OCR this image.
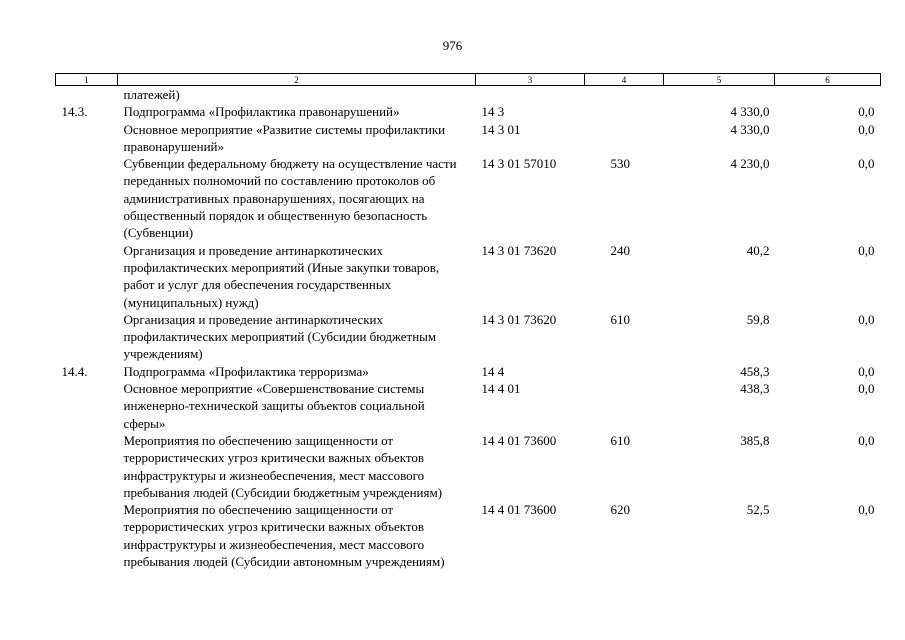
976
1	2	3	4	5	6
	платежей)				
14.3.	Подпрограмма «Профилактика правонарушений»	14 3		4 330,0	0,0
	Основное мероприятие «Развитие системы профилактики правонарушений»	14 3 01		4 330,0	0,0
	Субвенции федеральному бюджету на осуществление части переданных полномочий по составлению протоколов об административных правонарушениях, посягающих на общественный порядок и общественную безопасность (Субвенции)	14 3 01 57010	530	4 230,0	0,0
	Организация и проведение антинаркотических профилактических мероприятий (Иные закупки товаров, работ и услуг для обеспечения государственных (муниципальных) нужд)	14 3 01 73620	240	40,2	0,0
	Организация и проведение антинаркотических профилактических мероприятий (Субсидии бюджетным учреждениям)	14 3 01 73620	610	59,8	0,0
14.4.	Подпрограмма «Профилактика терроризма»	14 4		458,3	0,0
	Основное мероприятие «Совершенствование системы инженерно-технической защиты объектов социальной сферы»	14 4 01		438,3	0,0
	Мероприятия по обеспечению защищенности от террористических угроз критически важных объектов инфраструктуры и жизнеобеспечения, мест массового пребывания людей (Субсидии бюджетным учреждениям)	14 4 01 73600	610	385,8	0,0
	Мероприятия по обеспечению защищенности от террористических угроз критически важных объектов инфраструктуры и жизнеобеспечения, мест массового пребывания людей (Субсидии автономным учреждениям)	14 4 01 73600	620	52,5	0,0
